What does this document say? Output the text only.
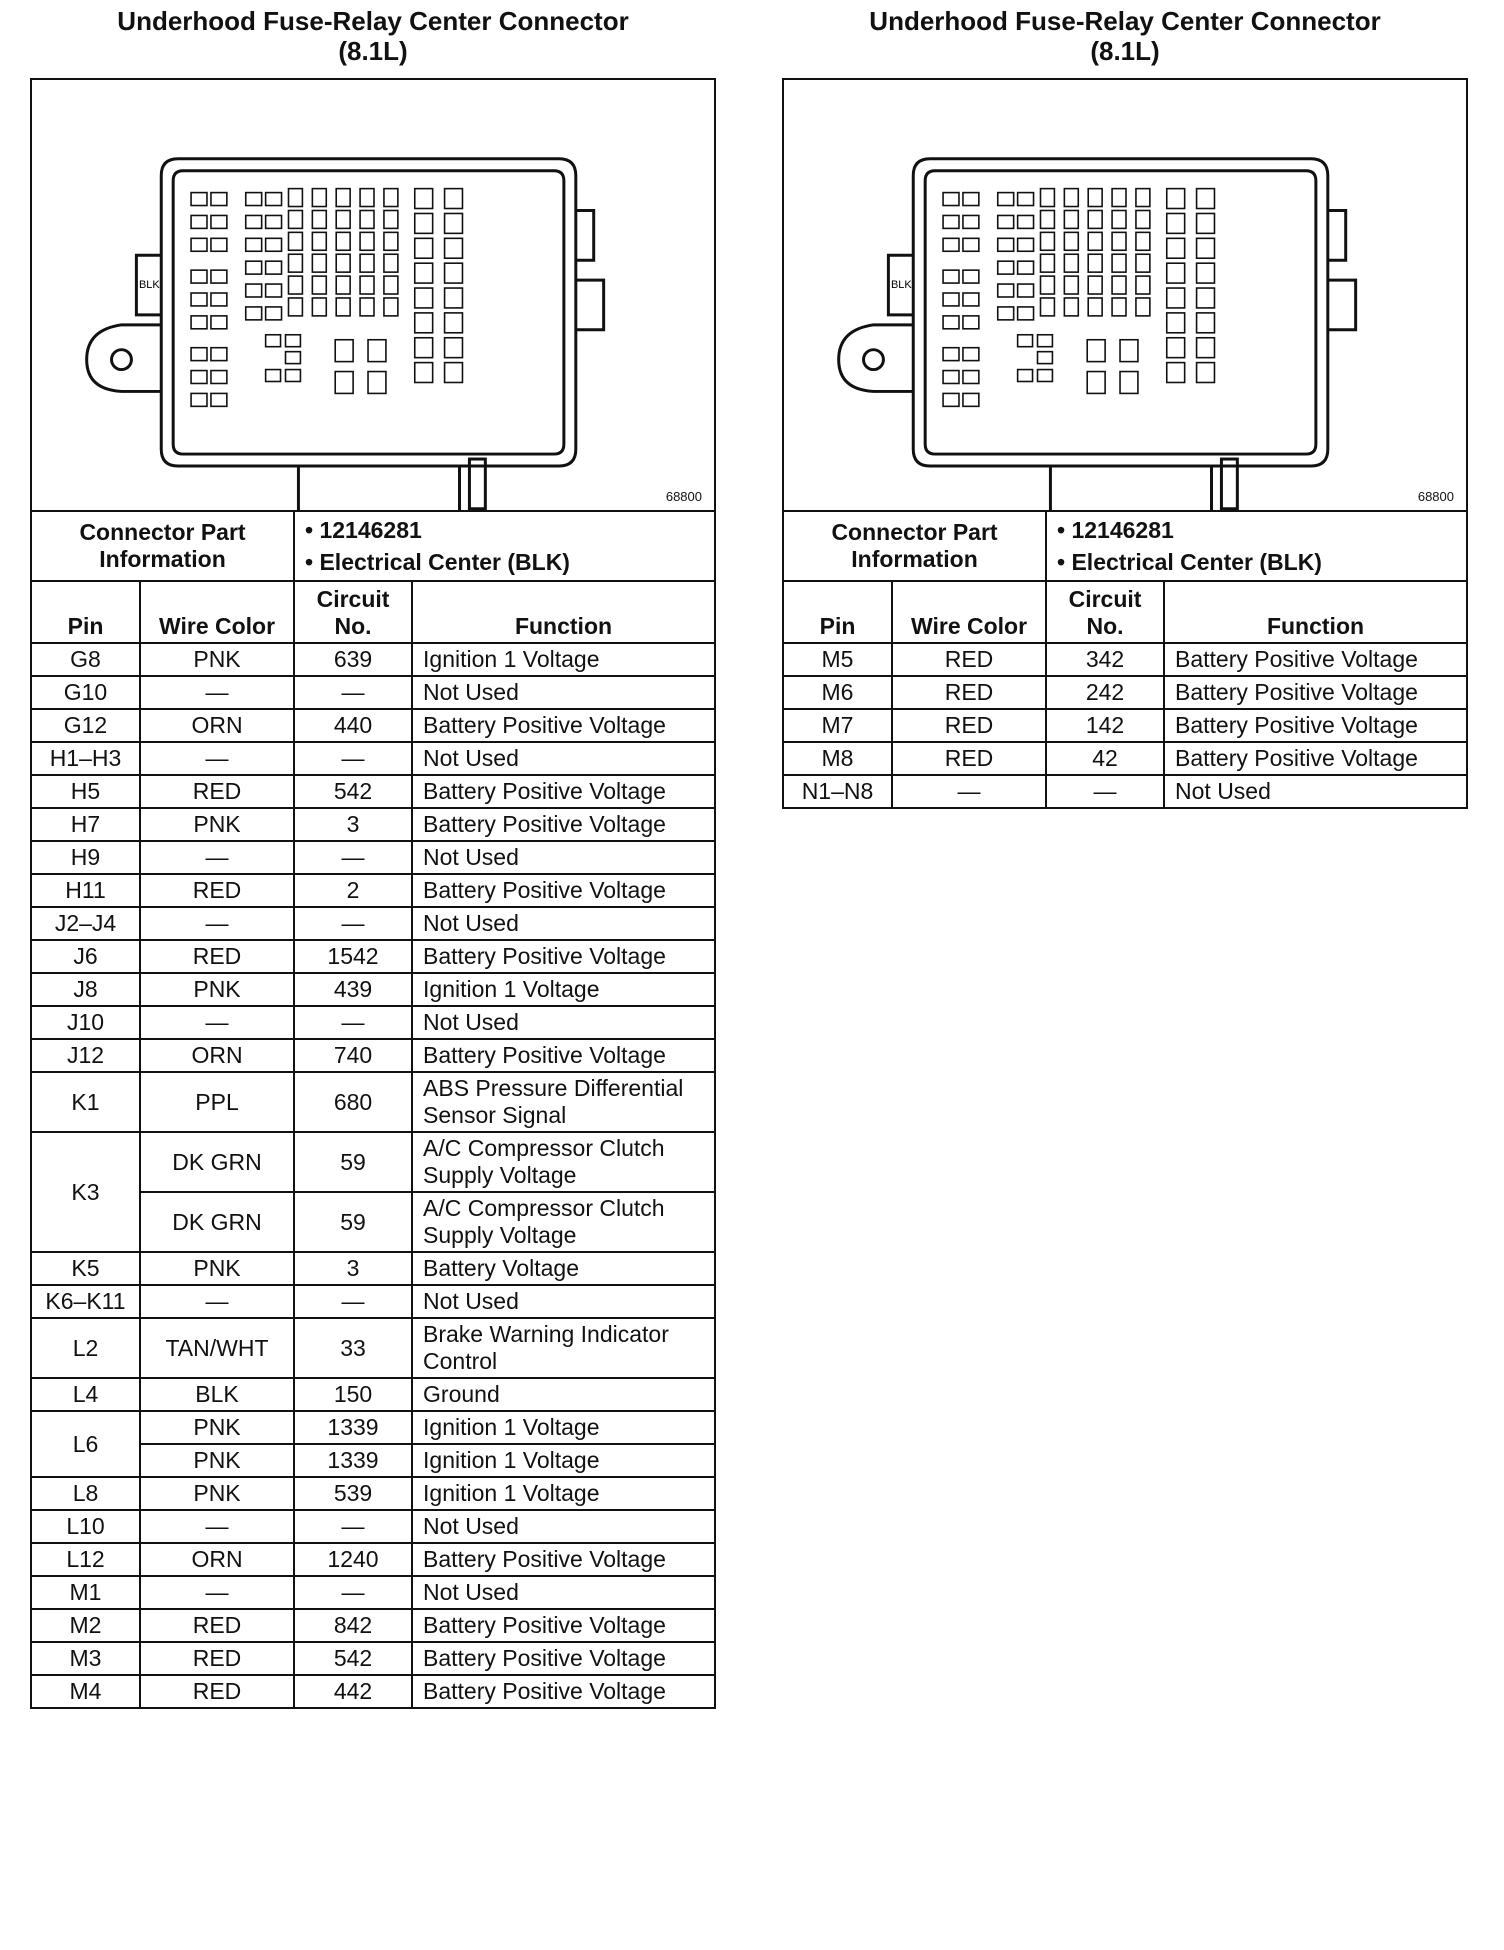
Underhood Fuse-Relay Center Connector
(8.1L)
BLK
68800
Connector Part Information		• 12146281
• Electrical Center (BLK)	

Pin	Wire Color	Circuit No.	Function
G8	PNK	639	Ignition 1 Voltage
G10	—	—	Not Used
G12	ORN	440	Battery Positive Voltage
H1–H3	—	—	Not Used
H5	RED	542	Battery Positive Voltage
H7	PNK	3	Battery Positive Voltage
H9	—	—	Not Used
H11	RED	2	Battery Positive Voltage
J2–J4	—	—	Not Used
J6	RED	1542	Battery Positive Voltage
J8	PNK	439	Ignition 1 Voltage
J10	—	—	Not Used
J12	ORN	740	Battery Positive Voltage
K1	PPL	680	ABS Pressure Differential Sensor Signal
K3	DK GRN	59	A/C Compressor Clutch Supply Voltage
	DK GRN	59	A/C Compressor Clutch Supply Voltage
K5	PNK	3	Battery Voltage
K6–K11	—	—	Not Used
L2	TAN/WHT	33	Brake Warning Indicator Control
L4	BLK	150	Ground
L6	PNK	1339	Ignition 1 Voltage
	PNK	1339	Ignition 1 Voltage
L8	PNK	539	Ignition 1 Voltage
L10	—	—	Not Used
L12	ORN	1240	Battery Positive Voltage
M1	—	—	Not Used
M2	RED	842	Battery Positive Voltage
M3	RED	542	Battery Positive Voltage
M4	RED	442	Battery Positive Voltage
Underhood Fuse-Relay Center Connector
(8.1L)
BLK
68800
Connector Part Information		• 12146281
• Electrical Center (BLK)	

Pin	Wire Color	Circuit No.	Function
M5	RED	342	Battery Positive Voltage
M6	RED	242	Battery Positive Voltage
M7	RED	142	Battery Positive Voltage
M8	RED	42	Battery Positive Voltage
N1–N8	—	—	Not Used
